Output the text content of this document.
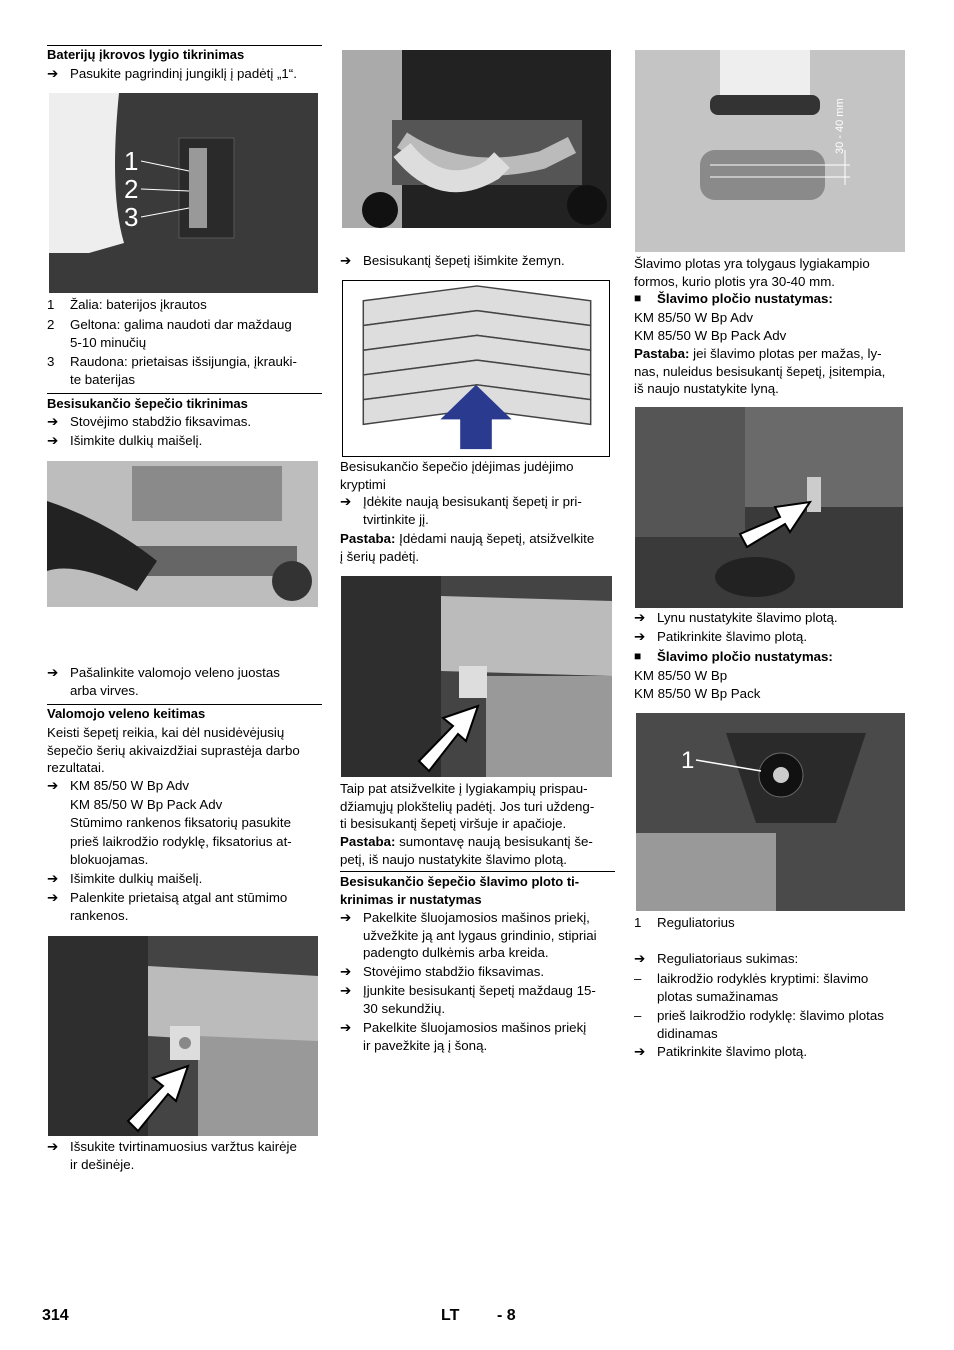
Baterijų įkrovos lygio tikrinimas
➔ Pasukite pagrindinį jungiklį į padėtį „1“.
1
2
3
1 Žalia: baterijos įkrautos
2 Geltona: galima naudoti dar maždaug
5-10 minučių
3 Raudona: prietaisas išsijungia, įkrauki-
te baterijas
Besisukančio šepečio tikrinimas
➔ Stovėjimo stabdžio fiksavimas.
➔ Išimkite dulkių maišelį.
➔ Pašalinkite valomojo veleno juostas
arba virves.
Valomojo veleno keitimas
Keisti šepetį reikia, kai dėl nusidėvėjusių
šepečio šerių akivaizdžiai suprastėja darbo
rezultatai.
➔ KM 85/50 W Bp Adv
KM 85/50 W Bp Pack Adv
Stūmimo rankenos fiksatorių pasukite
prieš laikrodžio rodyklę, fiksatorius at-
blokuojamas.
➔ Išimkite dulkių maišelį.
➔ Palenkite prietaisą atgal ant stūmimo
rankenos.
➔ Išsukite tvirtinamuosius varžtus kairėje
ir dešinėje.
➔ Besisukantį šepetį išimkite žemyn.
Besisukančio šepečio įdėjimas judėjimo
kryptimi
➔ Įdėkite naują besisukantį šepetį ir pri-
tvirtinkite jį.
Pastaba: Įdėdami naują šepetį, atsižvelkite
į šerių padėtį.
Taip pat atsižvelkite į lygiakampių prispau-
džiamųjų plokštelių padėtį. Jos turi uždeng-
ti besisukantį šepetį viršuje ir apačioje.
Pastaba: sumontavę naują besisukantį še-
petį, iš naujo nustatykite šlavimo plotą.
Besisukančio šepečio šlavimo ploto ti-
krinimas ir nustatymas
➔ Pakelkite šluojamosios mašinos priekį,
užvežkite ją ant lygaus grindinio, stipriai
padengto dulkėmis arba kreida.
➔ Stovėjimo stabdžio fiksavimas.
➔ Įjunkite besisukantį šepetį maždaug 15-
30 sekundžių.
➔ Pakelkite šluojamosios mašinos priekį
ir pavežkite ją į šoną.
30 - 40 mm
Šlavimo plotas yra tolygaus lygiakampio
formos, kurio plotis yra 30-40 mm.
■ Šlavimo pločio nustatymas:
KM 85/50 W Bp Adv
KM 85/50 W Bp Pack Adv
Pastaba: jei šlavimo plotas per mažas, ly-
nas, nuleidus besisukantį šepetį, įsitempia,
iš naujo nustatykite lyną.
➔ Lynu nustatykite šlavimo plotą.
➔ Patikrinkite šlavimo plotą.
■ Šlavimo pločio nustatymas:
KM 85/50 W Bp
KM 85/50 W Bp Pack
1
1 Reguliatorius
➔ Reguliatoriaus sukimas:
– laikrodžio rodyklės kryptimi: šlavimo
plotas sumažinamas
– prieš laikrodžio rodyklę: šlavimo plotas
didinamas
➔ Patikrinkite šlavimo plotą.
314	LT - 8
